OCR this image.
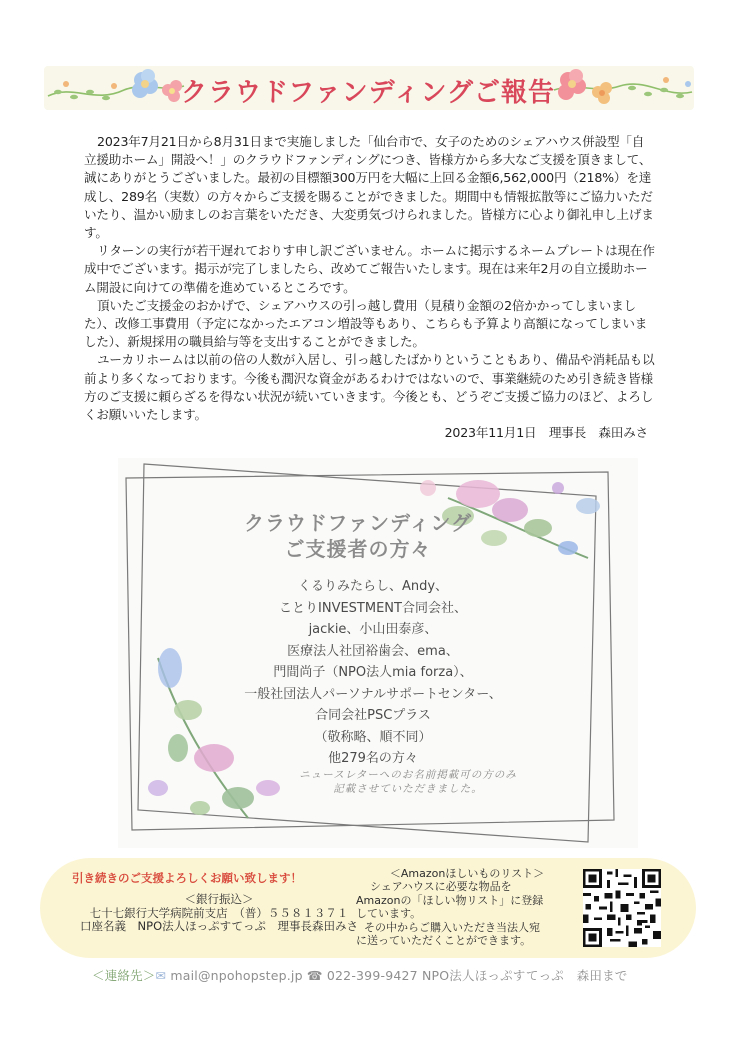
クラウドファンディングご報告

2023年7月21日から8月31日まで実施しました「仙台市で、女子のためのシェアハウス併設型「自立援助ホーム」開設へ！」のクラウドファンディングにつき、皆様方から多大なご支援を頂きまして、誠にありがとうございました。最初の目標額300万円を大幅に上回る金額6,562,000円（218%）を達成し、289名（実数）の方々からご支援を賜ることができました。期間中も情報拡散等にご協力いただいたり、温かい励ましのお言葉をいただき、大変勇気づけられました。皆様方に心より御礼申し上げます。

リターンの実行が若干遅れておりす申し訳ございません。ホームに掲示するネームプレートは現在作成中でございます。掲示が完了しましたら、改めてご報告いたします。現在は来年2月の自立援助ホーム開設に向けての準備を進めているところです。

頂いたご支援金のおかげで、シェアハウスの引っ越し費用（見積り金額の2倍かかってしまいました）、改修工事費用（予定になかったエアコン増設等もあり、こちらも予算より高額になってしまいました）、新規採用の職員給与等を支出することができました。

ユーカリホームは以前の倍の人数が入居し、引っ越したばかりということもあり、備品や消耗品も以前より多くなっております。今後も潤沢な資金があるわけではないので、事業継続のため引き続き皆様方のご支援に頼らざるを得ない状況が続いていきます。今後とも、どうぞご支援ご協力のほど、よろしくお願いいたします。

2023年11月1日　理事長　森田みさ
クラウドファンディング
ご支援者の方々
くるりみたらし、Andy、
ことりINVESTMENT合同会社、
jackie、小山田泰彦、
医療法人社団裕歯会、ema、
門間尚子（NPO法人mia forza）、
一般社団法人パーソナルサポートセンター、
合同会社PSCプラス
（敬称略、順不同）
他279名の方々
ニュースレターへのお名前掲載可の方のみ
記載させていただきました。
引き続きのご支援よろしくお願い致します！
＜銀行振込＞
七十七銀行大学病院前支店　（普）５５８１３７１
口座名義　NPO法人ほっぷすてっぷ　理事長森田みさ
＜Amazonほしいものリスト＞
シェアハウスに必要な物品を
Amazonの「ほしい物リスト」に登録
しています。
その中からご購入いただき当法人宛
に送っていただくことができます。
＜連絡先＞✉ mail@npohopstep.jp ☎ 022-399-9427 NPO法人ほっぷすてっぷ　森田まで
